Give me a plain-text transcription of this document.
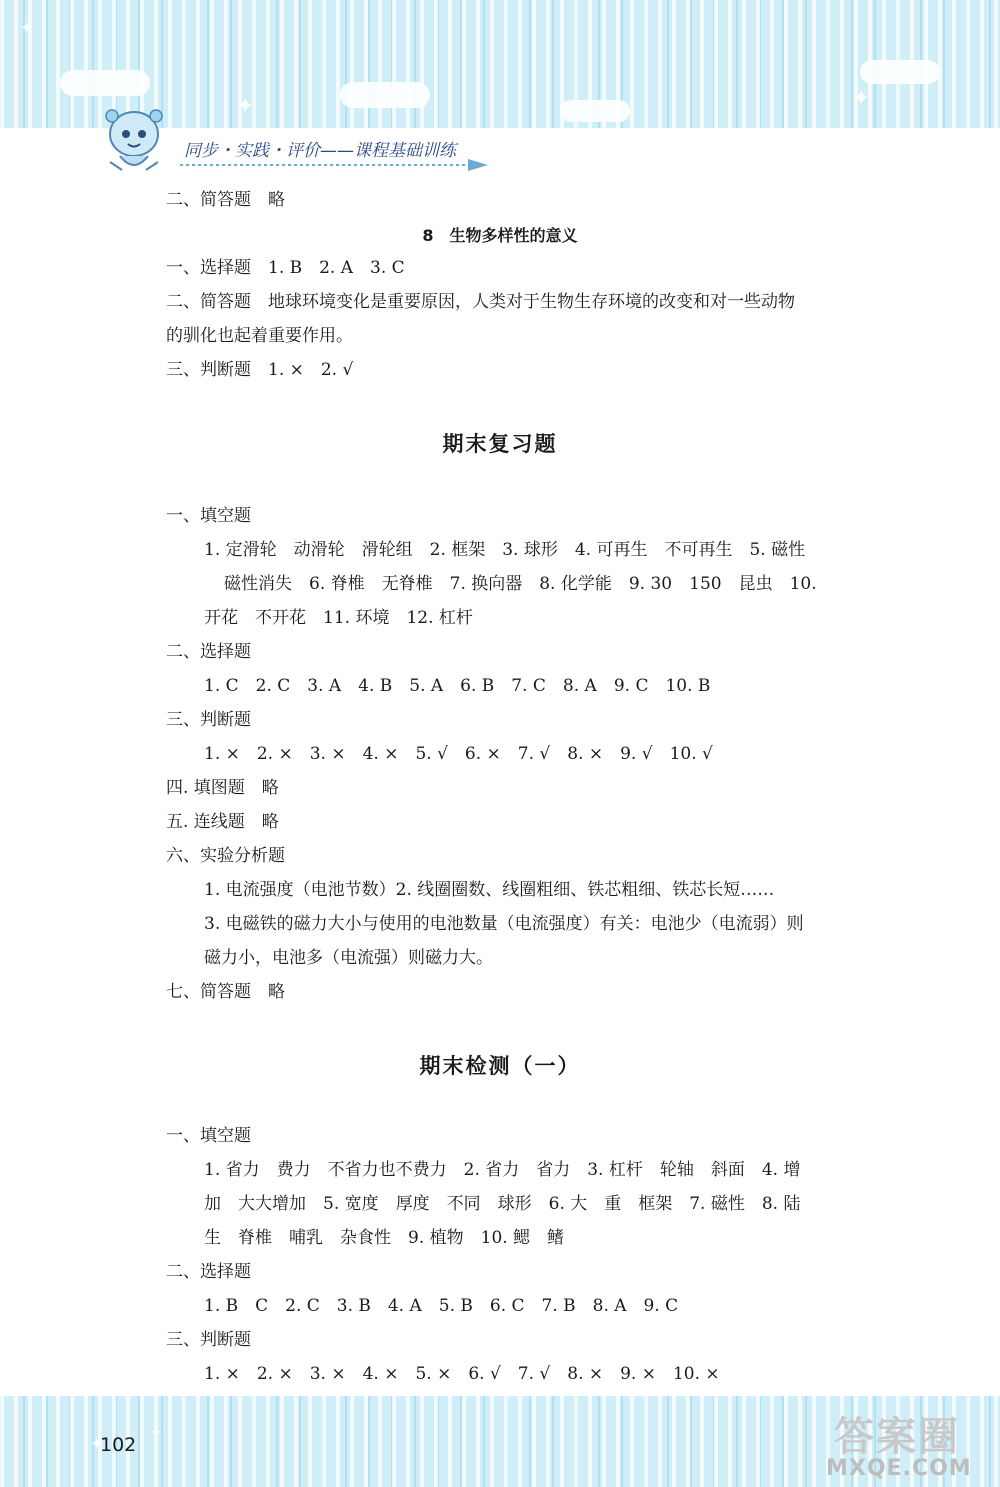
✦	✦
✦
同步・实践・评价——课程基础训练
二、简答题　略
8　生物多样性的意义
一、选择题　1. B　2. A　3. C
二、简答题　地球环境变化是重要原因，人类对于生物生存环境的改变和对一些动物
的驯化也起着重要作用。
三、判断题　1. ×　2. √
期末复习题
一、填空题
1. 定滑轮　动滑轮　滑轮组　2. 框架　3. 球形　4. 可再生　不可再生　5. 磁性
磁性消失　6. 脊椎　无脊椎　7. 换向器　8. 化学能　9. 30　150　昆虫　10.
开花　不开花　11. 环境　12. 杠杆
二、选择题
1. C　2. C　3. A　4. B　5. A　6. B　7. C　8. A　9. C　10. B
三、判断题
1. ×　2. ×　3. ×　4. ×　5. √　6. ×　7. √　8. ×　9. √　10. √
四. 填图题　略
五. 连线题　略
六、实验分析题
1. 电流强度（电池节数）2. 线圈圈数、线圈粗细、铁芯粗细、铁芯长短……
3. 电磁铁的磁力大小与使用的电池数量（电流强度）有关：电池少（电流弱）则
磁力小，电池多（电流强）则磁力大。
七、简答题　略
期末检测（一）
一、填空题
1. 省力　费力　不省力也不费力　2. 省力　省力　3. 杠杆　轮轴　斜面　4. 增
加　大大增加　5. 宽度　厚度　不同　球形　6. 大　重　框架　7. 磁性　8. 陆
生　脊椎　哺乳　杂食性　9. 植物　10. 鳃　鳍
二、选择题
1. B　C　2. C　3. B　4. A　5. B　6. C　7. B　8. A　9. C
三、判断题
1. ×　2. ×　3. ×　4. ×　5. ×　6. √　7. √　8. ×　9. ×　10. ×
✦
✦
102	答案圈
MXQE.COM
